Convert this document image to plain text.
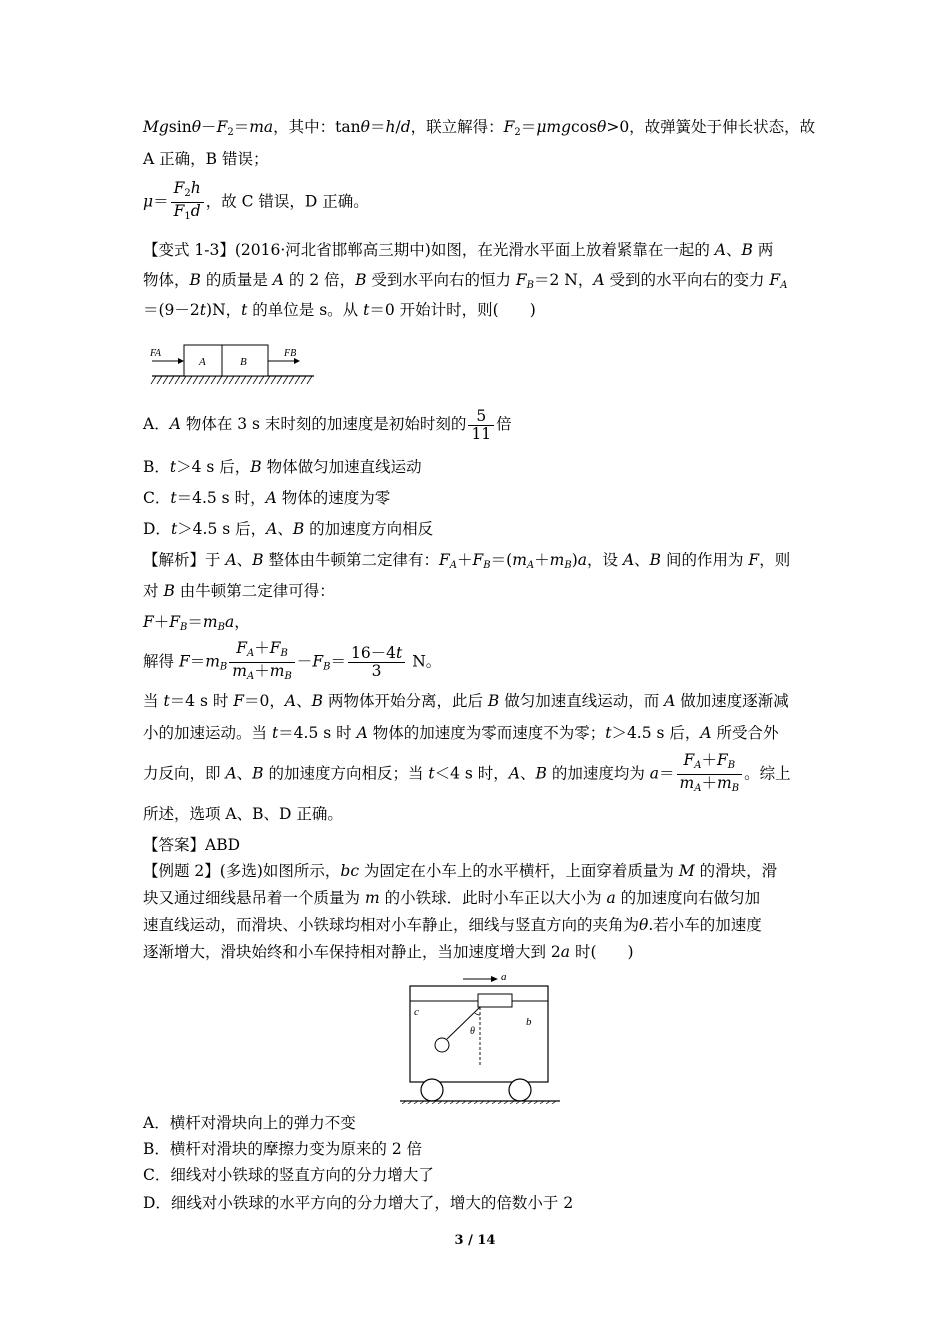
$Mgsin\theta-F_2=ma$，其中：tanθ＝h/d，联立解得：$F_2=\mu mgcos\theta>0$，故弹簧处于伸长状态，故
A 正确，B 错误；
$\mu= \frac{F_2h}{F_1d}$ ，故 C 错误，D 正确。
【变式 1-3】(2016·河北省邯郸高三期中)如图，在光滑水平面上放着紧靠在一起的 A、B 两
物体，B 的质量是 A 的 2 倍，B 受到水平向右的恒力 $F_B=2$ N，A 受到的水平向右的变力 $F_A$
＝(9－2t)N，t 的单位是 s。从 t＝0 开始计时，则(　　)
FA
A	B
FB
A．A 物体在 3 s 末时刻的加速度是初始时刻的 $\frac{5}{11}$ 倍
B．t＞4 s 后，B 物体做匀加速直线运动
C．t＝4.5 s 时，A 物体的速度为零
D．t＞4.5 s 后，A、B 的加速度方向相反
【解析】于 A、B 整体由牛顿第二定律有：$F_A+F_B=(m_A+m_B)a$，设 A、B 间的作用为 F，则
对 B 由牛顿第二定律可得：
$F+F_B=m_Ba$，
解得 $F=m_B \frac{F_A+F_B}{m_A+m_B} -F_B= \frac{16-4t}{3}$ N。
当 t＝4 s 时 F＝0，A、B 两物体开始分离，此后 B 做匀加速直线运动，而 A 做加速度逐渐减
小的加速运动。当 t＝4.5 s 时 A 物体的加速度为零而速度不为零；t＞4.5 s 后，A 所受合外
力反向，即 A、B 的加速度方向相反；当 t＜4 s 时，A、B 的加速度均为 $a= \frac{F_A+F_B}{m_A+m_B}$ 。综上
所述，选项 A、B、D 正确。
【答案】ABD
【例题 2】(多选)如图所示，bc 为固定在小车上的水平横杆，上面穿着质量为 M 的滑块，滑
块又通过细线悬吊着一个质量为 m 的小铁球．此时小车正以大小为 a 的加速度向右做匀加
速直线运动，而滑块、小铁球均相对小车静止，细线与竖直方向的夹角为θ.若小车的加速度
逐渐增大，滑块始终和小车保持相对静止，当加速度增大到 2a 时(　　)
a
c
b
θ
A．横杆对滑块向上的弹力不变
B．横杆对滑块的摩擦力变为原来的 2 倍
C．细线对小铁球的竖直方向的分力增大了
D．细线对小铁球的水平方向的分力增大了，增大的倍数小于 2
3 / 14
